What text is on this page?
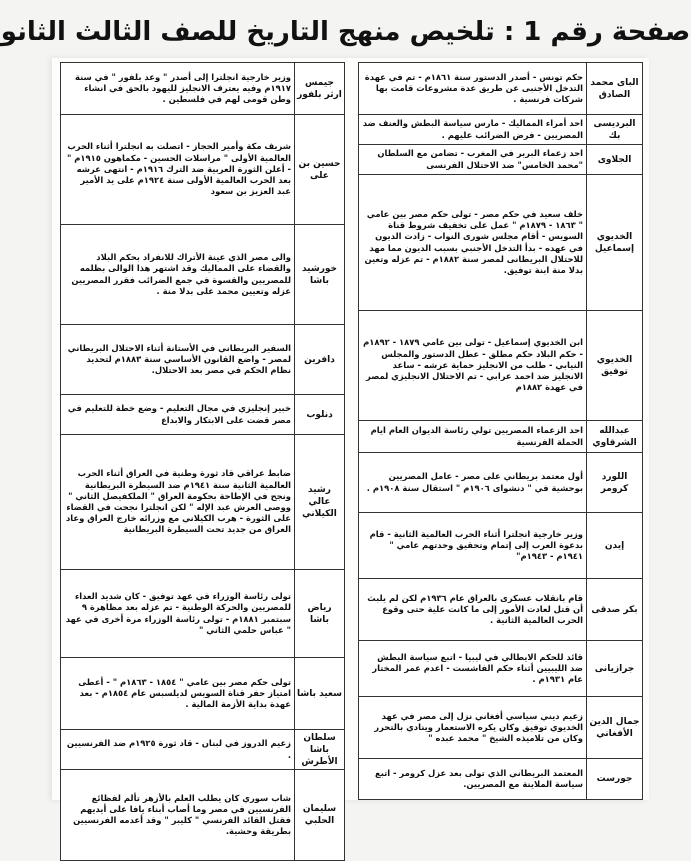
صفحة رقم 1 : تلخيص منهج التاريخ للصف الثالث الثانو
الباى محمد الصادق
حكم تونس - أصدر الدستور سنة ١٨٦١م - تم في عهدة التدخل الأجنبى عن طريق عدة مشروعات قامت بها شركات فرنسية .
البرديسى بك
احد أمراء المماليك - مارس سياسة البطش والعنف ضد المصريين - فرض الضرائب عليهم .
الجلاوى
احد زعماء البربر في المغرب - تضامن مع السلطان "محمد الخامس" ضد الاحتلال الفرنسى
الخديوي إسماعيل
خلف سعيد في حكم مصر - تولى حكم مصر بين عامي " ١٨٦٣ - ١٨٧٩م " عمل على تخفيف شروط قناة السويس - أقام مجلس شورى النواب - زادت الديون في عهده - بدأ التدخل الأجنبي بسبب الديون مما مهد للاحتلال البريطانى لمصر سنة ١٨٨٢م - تم عزله وتعين بدلا منة ابنة توفيق.
الخديوي توفيق
ابن الخديوي إسماعيل - تولى بين عامي ١٨٧٩ - ١٨٩٢م - حكم البلاد حكم مطلق - عطل الدستور والمجلس النيابي - طلب من الانجليز حماية عرشه - ساعد الانجليز ضد احمد عرابي - تم الاحتلال الانجليزي لمصر في عهدة ١٨٨٢م
عبدالله الشرقاوي
احد الزعماء المصريين تولي رئاسة الديوان العام ايام الحملة الفرنسية
اللورد كرومر
أول معتمد بريطاني على مصر - عامل المصريين بوحشية في " دنشواى ١٩٠٦م " استقال سنة ١٩٠٨م .
إيدن
وزير خارجية انجلترا أثناء الحرب العالمية الثانية - قام بدعوة العرب إلى إتمام وتحقيق وحدتهم عامي " ١٩٤١م - ١٩٤٣م"
بكر صدقى
قام بانقلاب عسكرى بالعراق عام ١٩٣٦م لكن لم يلبث أن قتل لعادت الأمور إلى ما كانت علية حتى وقوع الحرب العالمية الثانية .
جرازيانى
قائد للحكم الايطالي في ليبيا - اتبع سياسة البطش ضد الليبيين أثناء حكم الفاشست - اعدم عمر المختار عام ١٩٣١م .
جمال الدين الأفغاني
زعيم ديني سياسي أفغاني نزل إلى مصر في عهد الخديوي توفيق وكان يكره الاستعمار وينادي بالتحرر وكان من تلاميذه الشيخ " محمد عبده "
جورست
المعتمد البريطاني الذي تولى بعد عزل كرومر - اتبع سياسة الملاينة مع المصريين.
جيمس ارثر بلفور
وزير خارجية انجلترا إلى أصدر " وعد بلفور " في سنة ١٩١٧م وفيه يعترف الانجليز لليهود بالحق في انشاء وطن قومى لهم في فلسطين .
حسين بن على
شريف مكة وأمير الحجاز - اتصلت به انجلترا أثناء الحرب العالمية الأولى " مراسلات الحسين - مكماهون ١٩١٥م " - أعلن الثورة العربية ضد الترك ١٩١٦م - انتهى عرشه بعد الحرب العالمية الأولى سنة ١٩٢٤م على يد الأمير عبد العزيز بن سعود
خورشيد باشا
والى مصر الذي عينة الأتراك للانفراد بحكم البلاد والقضاء على المماليك وقد اشتهر هذا الوالى بظلمه للمصريين والقسوة في جمع الضرائب فقرر المصريين عزله وتعيين محمد على بدلا منة .
دافرين
السفير البريطاني في الأستانة أثناء الاحتلال البريطاني لمصر - واضع القانون الأساسي سنة ١٨٨٣م لتحديد نظام الحكم في مصر بعد الاحتلال.
دنلوب
خبير إنجليزي في مجال التعليم - وضع خطة للتعليم في مصر قضت على الابتكار والابداع
رشيد عالي الكيلاني
ضابط عراقي قاد ثورة وطنية في العراق أثناء الحرب العالمية الثانية سنة ١٩٤١م ضد السيطرة البريطانية ونجح في الإطاحة بحكومة العراق " الملكفيصل الثاني " ووصى العرش عبد الإله " لكن انجلترا نجحت في القضاء على الثورة - هرب الكيلاني مع وزرائه خارج العراق وعاد العراق من جديد تحت السيطرة البريطانية
رياض باشا
تولى رئاسة الوزراء في عهد توفيق - كان شديد العداء للمصريين والحركة الوطنية - تم عزله بعد مظاهرة ٩ سبتمبر ١٨٨١م - تولى رئاسة الوزراء مرة أخرى في عهد " عباس حلمي الثاني "
سعيد باشا
تولى حكم مصر بين عامي " ١٨٥٤ - ١٨٦٣م " - أعطى امتياز حفر قناة السويس لديلسبس عام ١٨٥٤م - بعد عهدة بداية الأزمة المالية .
سلطان باشا الأطرش
زعيم الدروز في لبنان - قاد ثورة ١٩٢٥م ضد الفرنسيين .
سليمان الحلبي
شاب سوري كان يطلب العلم بالأزهر تألم لفظائع الفرنسيين في مصر وما أصاب أبناء يافا على أيديهم فقتل القائد الفرنسي " كليبر " وقد أعدمه الفرنسيين بطريقة وحشية.
